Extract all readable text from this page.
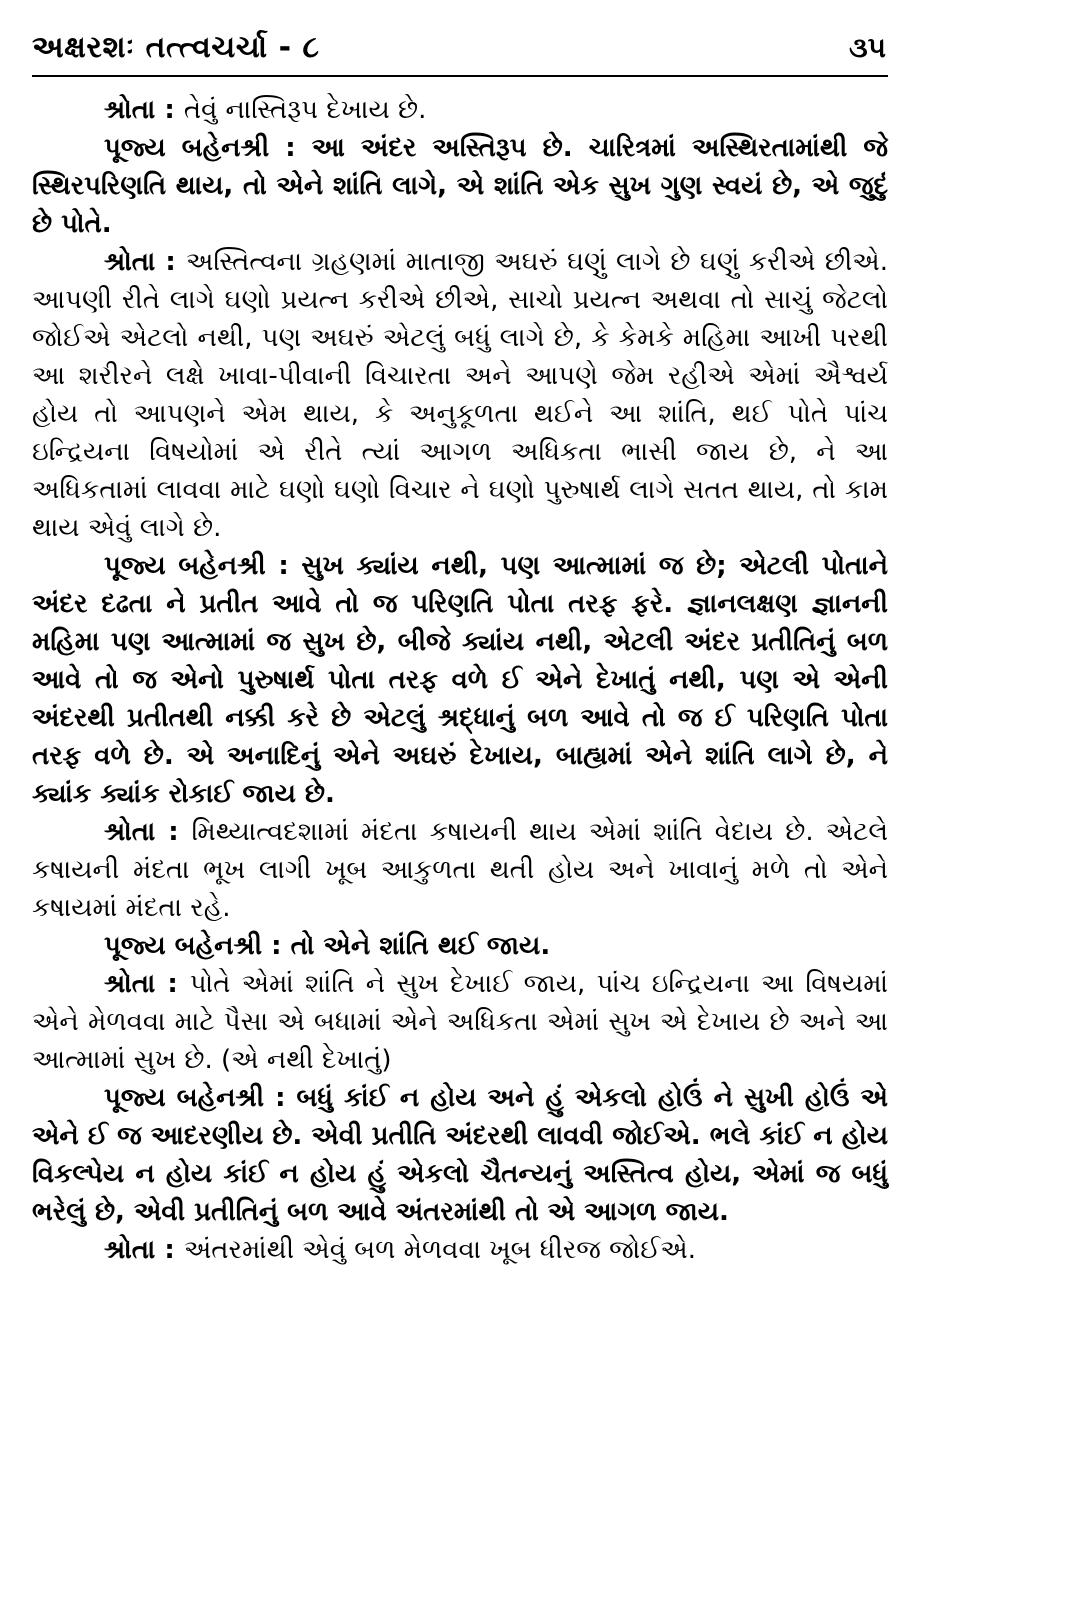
અક્ષરશઃ તત્ત્વચર્ચા - ૮	૩૫

શ્રોતા : તેવું નાસ્તિરૂપ દેખાય છે.

પૂજ્ય બહેનશ્રી : આ અંદર અસ્તિરૂપ છે. ચારિત્રમાં અસ્થિરતામાંથી જે સ્થિરપરિણતિ થાય, તો એને શાંતિ લાગે, એ શાંતિ એક સુખ ગુણ સ્વયં છે, એ જુદું છે પોતે.

શ્રોતા : અસ્તિત્વના ગ્રહણમાં માતાજી અઘરું ઘણું લાગે છે ઘણું કરીએ છીએ. આપણી રીતે લાગે ઘણો પ્રયત્ન કરીએ છીએ, સાચો પ્રયત્ન અથવા તો સાચું જેટલો જોઈએ એટલો નથી, પણ અઘરું એટલું બધું લાગે છે, કે કેમકે મહિમા આખી પરથી આ શરીરને લક્ષે ખાવા-પીવાની વિચારતા અને આપણે જેમ રહીએ એમાં ઐશ્વર્ય હોય તો આપણને એમ થાય, કે અનુકૂળતા થઈને આ શાંતિ, થઈ પોતે પાંચ ઇન્દ્રિયના વિષયોમાં એ રીતે ત્યાં આગળ અધિકતા ભાસી જાય છે, ને આ અધિકતામાં લાવવા માટે ઘણો ઘણો વિચાર ને ઘણો પુરુષાર્થ લાગે સતત થાય, તો કામ થાય એવું લાગે છે.

પૂજ્ય બહેનશ્રી : સુખ ક્યાંય નથી, પણ આત્મામાં જ છે; એટલી પોતાને અંદર દઢતા ને પ્રતીત આવે તો જ પરિણતિ પોતા તરફ ફરે. જ્ઞાનલક્ષણ જ્ઞાનની મહિમા પણ આત્મામાં જ સુખ છે, બીજે ક્યાંય નથી, એટલી અંદર પ્રતીતિનું બળ આવે તો જ એનો પુરુષાર્થ પોતા તરફ વળે ઈ એને દેખાતું નથી, પણ એ એની અંદરથી પ્રતીતથી નક્કી કરે છે એટલું શ્રદ્ધાનું બળ આવે તો જ ઈ પરિણતિ પોતા તરફ વળે છે. એ અનાદિનું એને અઘરું દેખાય, બાહ્યમાં એને શાંતિ લાગે છે, ને ક્યાંક ક્યાંક રોકાઈ જાય છે.

શ્રોતા : મિથ્યાત્વદશામાં મંદતા કષાયની થાય એમાં શાંતિ વેદાય છે. એટલે કષાયની મંદતા ભૂખ લાગી ખૂબ આકુળતા થતી હોય અને ખાવાનું મળે તો એને કષાયમાં મંદતા રહે.

પૂજ્ય બહેનશ્રી : તો એને શાંતિ થઈ જાય.

શ્રોતા : પોતે એમાં શાંતિ ને સુખ દેખાઈ જાય, પાંચ ઇન્દ્રિયના આ વિષયમાં એને મેળવવા માટે પૈસા એ બધામાં એને અધિકતા એમાં સુખ એ દેખાય છે અને આ આત્મામાં સુખ છે. (એ નથી દેખાતું)

પૂજ્ય બહેનશ્રી : બધું કાંઈ ન હોય અને હું એકલો હોઉં ને સુખી હોઉં એ એને ઈ જ આદરણીય છે. એવી પ્રતીતિ અંદરથી લાવવી જોઈએ. ભલે કાંઈ ન હોય વિકલ્પેય ન હોય કાંઈ ન હોય હું એકલો ચૈતન્યનું અસ્તિત્વ હોય, એમાં જ બધું ભરેલું છે, એવી પ્રતીતિનું બળ આવે અંતરમાંથી તો એ આગળ જાય.

શ્રોતા : અંતરમાંથી એવું બળ મેળવવા ખૂબ ધીરજ જોઈએ.
